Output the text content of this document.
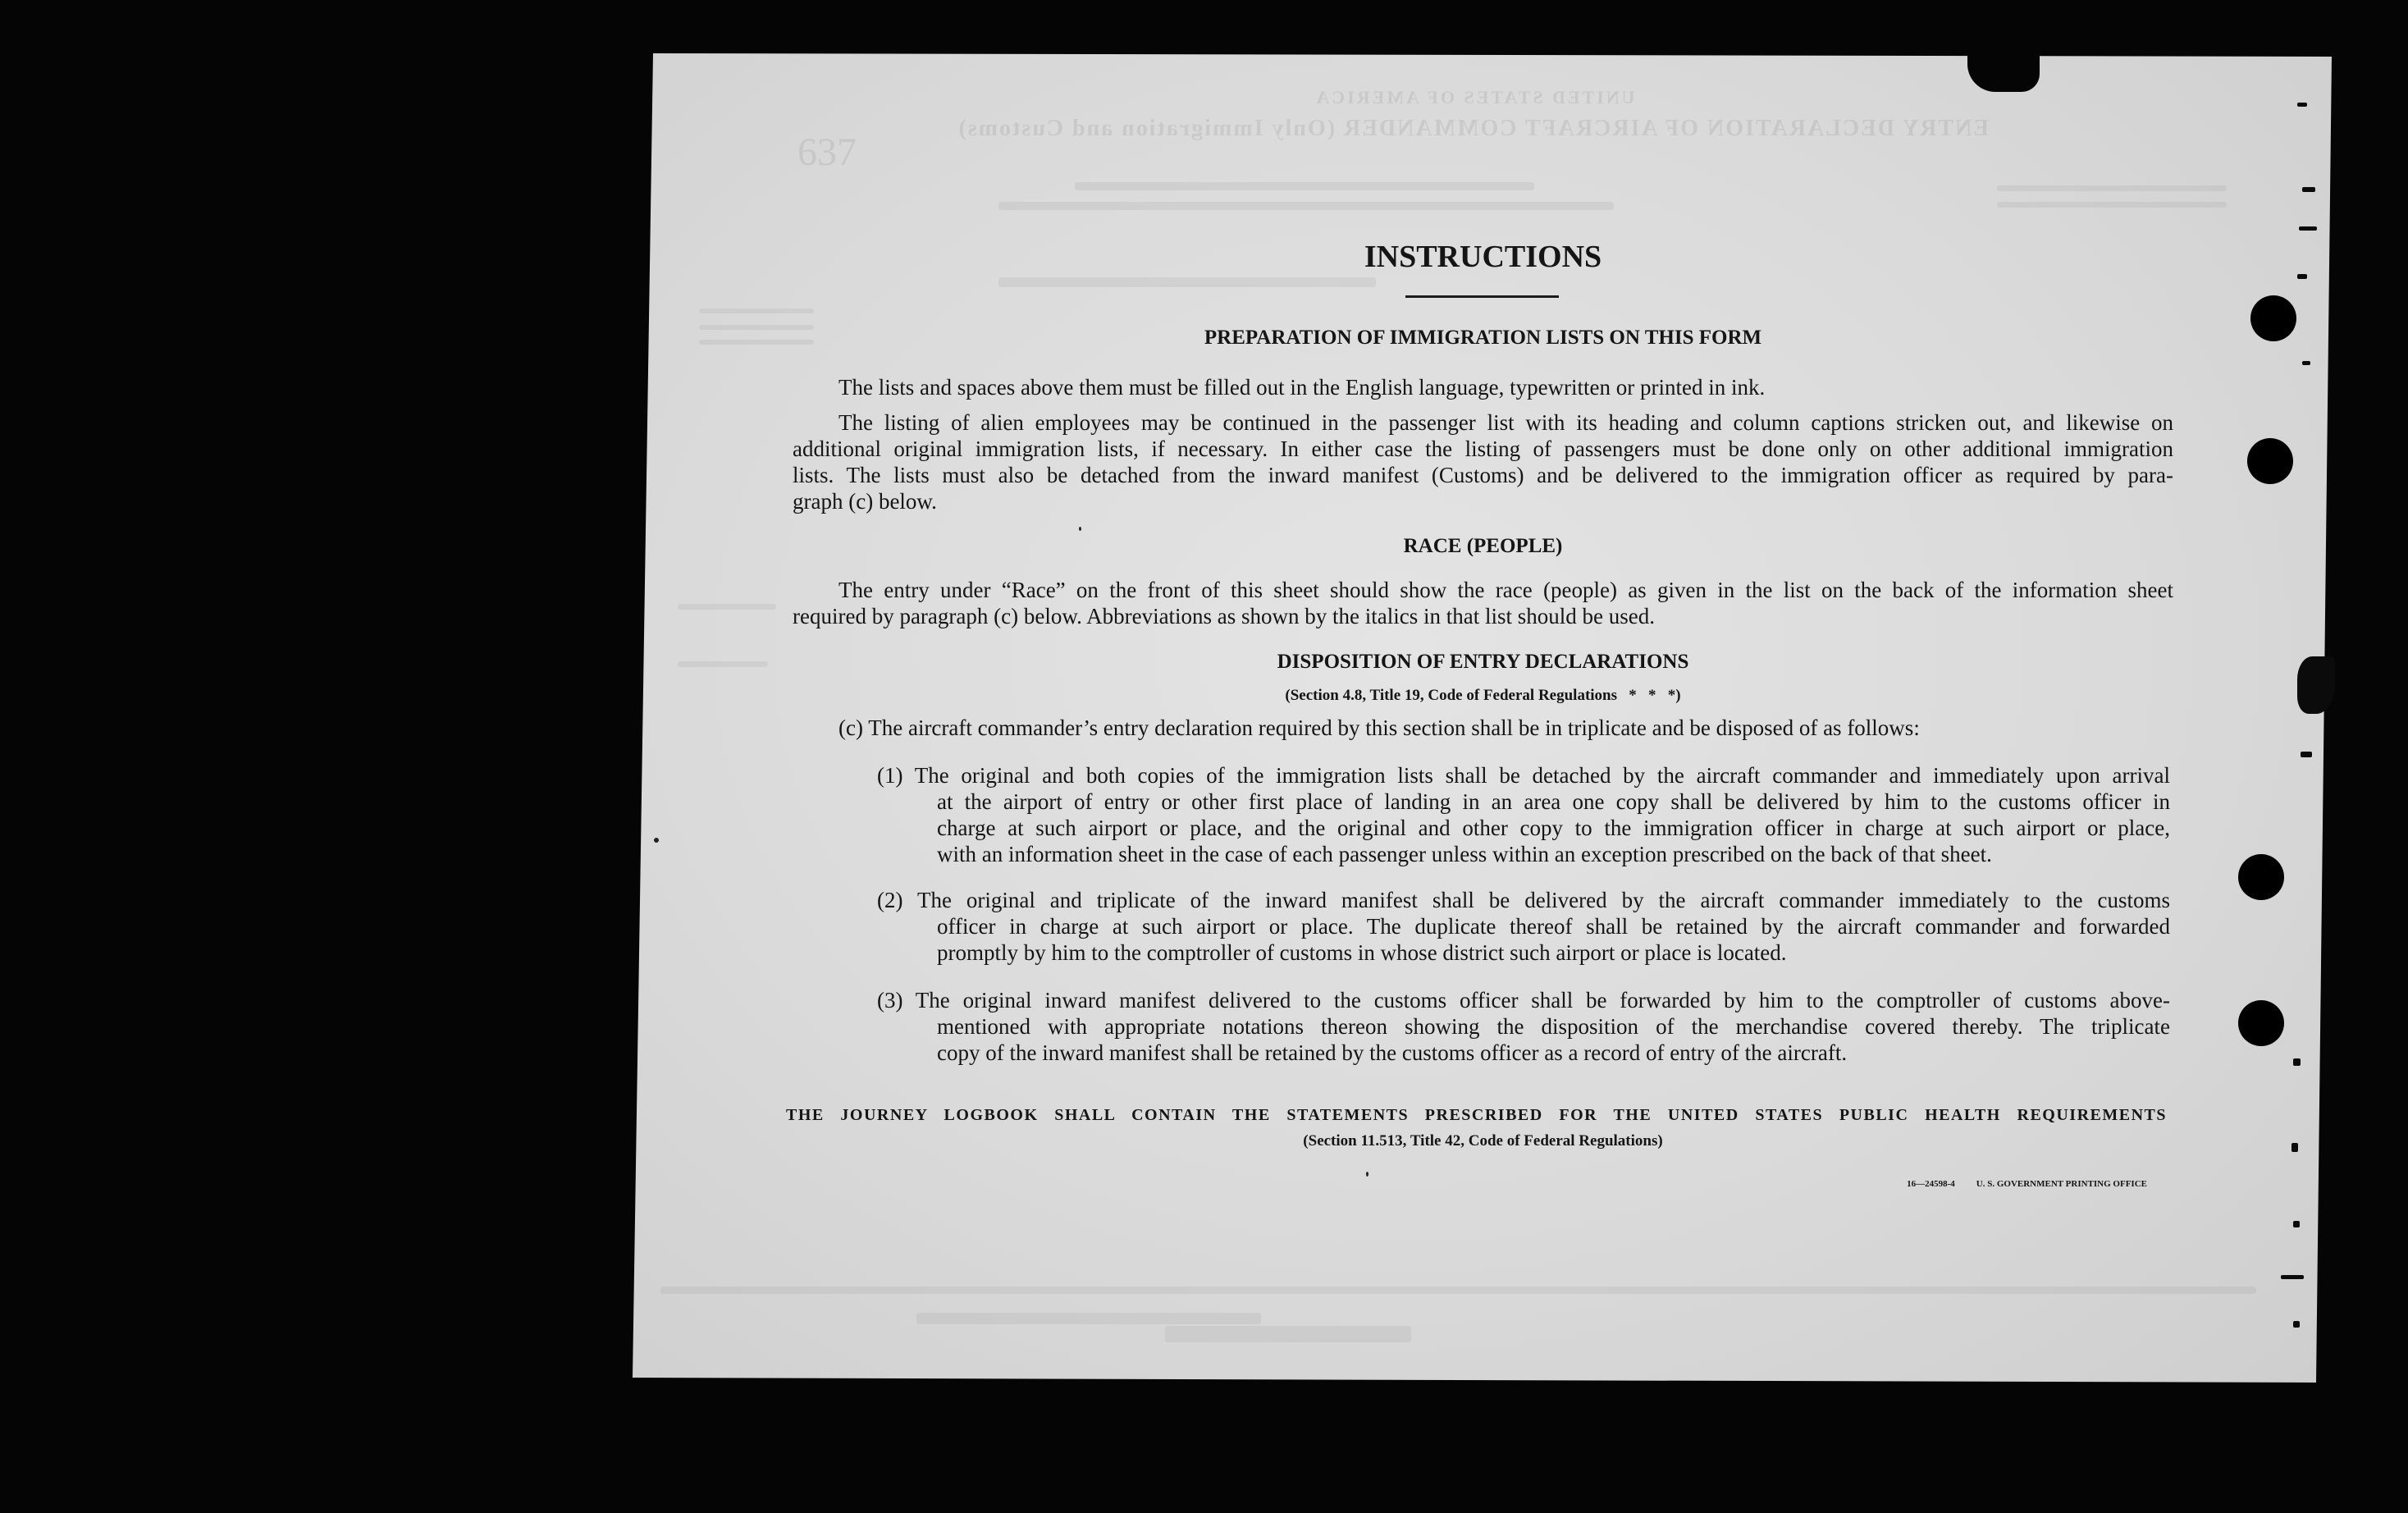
UNITED STATES OF AMERICA
ENTRY DECLARATION OF AIRCRAFT COMMANDER (Only Immigration and Customs)
637
INSTRUCTIONS
PREPARATION OF IMMIGRATION LISTS ON THIS FORM
The lists and spaces above them must be filled out in the English language, typewritten or printed in ink.
The listing of alien employees may be continued in the passenger list with its heading and column captions stricken out, and likewise on
additional original immigration lists, if necessary. In either case the listing of passengers must be done only on other additional immigration
lists. The lists must also be detached from the inward manifest (Customs) and be delivered to the immigration officer as required by para-
graph (c) below.
RACE (PEOPLE)
The entry under “Race” on the front of this sheet should show the race (people) as given in the list on the back of the information sheet
required by paragraph (c) below. Abbreviations as shown by the italics in that list should be used.
DISPOSITION OF ENTRY DECLARATIONS
(Section 4.8, Title 19, Code of Federal Regulations   *   *   *)
(c) The aircraft commander’s entry declaration required by this section shall be in triplicate and be disposed of as follows:
(1) The original and both copies of the immigration lists shall be detached by the aircraft commander and immediately upon arrival
at the airport of entry or other first place of landing in an area one copy shall be delivered by him to the customs officer in
charge at such airport or place, and the original and other copy to the immigration officer in charge at such airport or place,
with an information sheet in the case of each passenger unless within an exception prescribed on the back of that sheet.
(2) The original and triplicate of the inward manifest shall be delivered by the aircraft commander immediately to the customs
officer in charge at such airport or place. The duplicate thereof shall be retained by the aircraft commander and forwarded
promptly by him to the comptroller of customs in whose district such airport or place is located.
(3) The original inward manifest delivered to the customs officer shall be forwarded by him to the comptroller of customs above-
mentioned with appropriate notations thereon showing the disposition of the merchandise covered thereby. The triplicate
copy of the inward manifest shall be retained by the customs officer as a record of entry of the aircraft.
THE JOURNEY LOGBOOK SHALL CONTAIN THE STATEMENTS PRESCRIBED FOR THE UNITED STATES PUBLIC HEALTH REQUIREMENTS
(Section 11.513, Title 42, Code of Federal Regulations)
16—24598-4 U. S. GOVERNMENT PRINTING OFFICE
